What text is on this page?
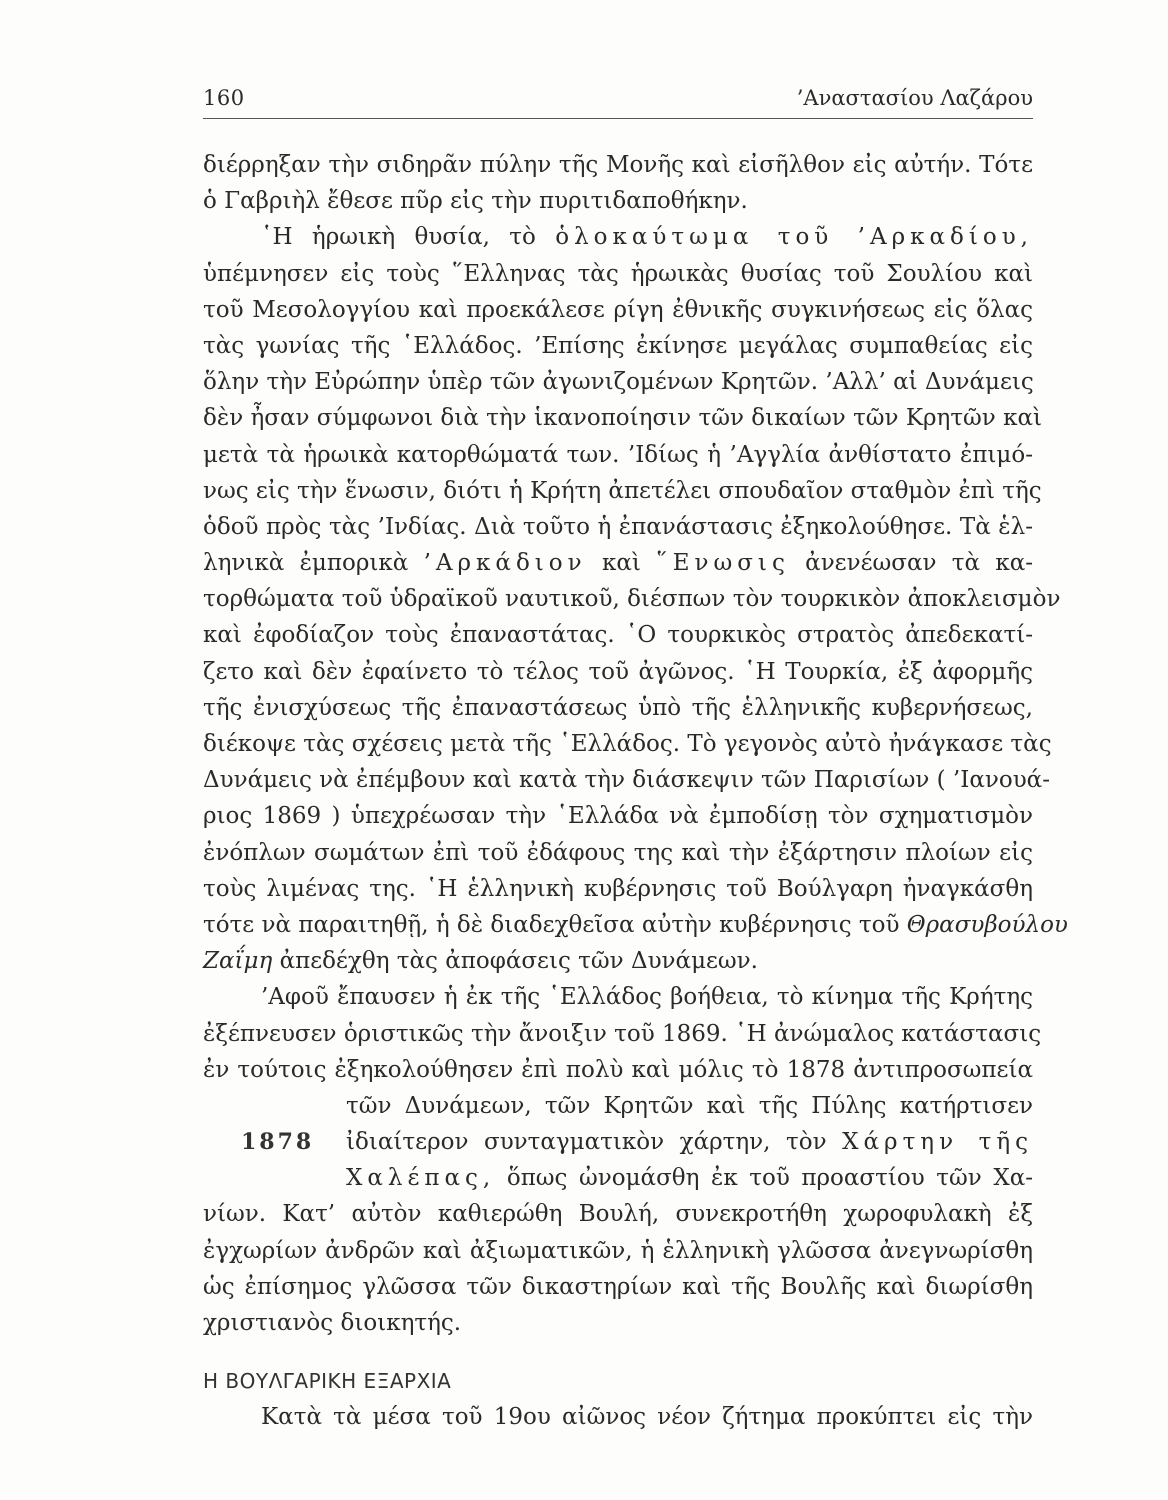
160	’Αναστασίου Λαζάρου
διέρρηξαν τὴν σιδηρᾶν πύλην τῆς Μονῆς καὶ εἰσῆλθον εἰς αὐτήν. Τότε
ὁ Γαβριὴλ ἔθεσε πῦρ εἰς τὴν πυριτιδαποθήκην.
῾Η ἡρωικὴ θυσία, τὸ ὁλοκαύτωμα τοῦ ’Αρκαδίου,
ὑπέμνησεν εἰς τοὺς ῞Ελληνας τὰς ἡρωικὰς θυσίας τοῦ Σουλίου καὶ
τοῦ Μεσολογγίου καὶ προεκάλεσε ρίγη ἐθνικῆς συγκινήσεως εἰς ὅλας
τὰς γωνίας τῆς ῾Ελλάδος. ’Επίσης ἐκίνησε μεγάλας συμπαθείας εἰς
ὅλην τὴν Εὐρώπην ὑπὲρ τῶν ἀγωνιζομένων Κρητῶν. ’Αλλ’ αἱ Δυνάμεις
δὲν ἦσαν σύμφωνοι διὰ τὴν ἱκανοποίησιν τῶν δικαίων τῶν Κρητῶν καὶ
μετὰ τὰ ἡρωικὰ κατορθώματά των. ’Ιδίως ἡ ’Αγγλία ἀνθίστατο ἐπιμό-
νως εἰς τὴν ἕνωσιν, διότι ἡ Κρήτη ἀπετέλει σπουδαῖον σταθμὸν ἐπὶ τῆς
ὁδοῦ πρὸς τὰς ’Ινδίας. Διὰ τοῦτο ἡ ἐπανάστασις ἐξηκολούθησε. Τὰ ἑλ-
ληνικὰ ἐμπορικὰ ’Αρκάδιον καὶ ῞Ενωσις ἀνενέωσαν τὰ κα-
τορθώματα τοῦ ὑδραϊκοῦ ναυτικοῦ, διέσπων τὸν τουρκικὸν ἀποκλεισμὸν
καὶ ἐφοδίαζον τοὺς ἐπαναστάτας. ῾Ο τουρκικὸς στρατὸς ἀπεδεκατί-
ζετο καὶ δὲν ἐφαίνετο τὸ τέλος τοῦ ἀγῶνος. ῾Η Τουρκία, ἐξ ἀφορμῆς
τῆς ἐνισχύσεως τῆς ἐπαναστάσεως ὑπὸ τῆς ἑλληνικῆς κυβερνήσεως,
διέκοψε τὰς σχέσεις μετὰ τῆς ῾Ελλάδος. Τὸ γεγονὸς αὐτὸ ἠνάγκασε τὰς
Δυνάμεις νὰ ἐπέμβουν καὶ κατὰ τὴν διάσκεψιν τῶν Παρισίων ( ’Ιανουά-
ριος 1869 ) ὑπεχρέωσαν τὴν ῾Ελλάδα νὰ ἐμποδίσῃ τὸν σχηματισμὸν
ἐνόπλων σωμάτων ἐπὶ τοῦ ἐδάφους της καὶ τὴν ἐξάρτησιν πλοίων εἰς
τοὺς λιμένας της. ῾Η ἑλληνικὴ κυβέρνησις τοῦ Βούλγαρη ἠναγκάσθη
τότε νὰ παραιτηθῇ, ἡ δὲ διαδεχθεῖσα αὐτὴν κυβέρνησις τοῦ Θρασυβούλου
Ζαΐμη ἀπεδέχθη τὰς ἀποφάσεις τῶν Δυνάμεων.
’Αφοῦ ἔπαυσεν ἡ ἐκ τῆς ῾Ελλάδος βοήθεια, τὸ κίνημα τῆς Κρήτης
ἐξέπνευσεν ὁριστικῶς τὴν ἄνοιξιν τοῦ 1869. ῾Η ἀνώμαλος κατάστασις
ἐν τούτοις ἐξηκολούθησεν ἐπὶ πολὺ καὶ μόλις τὸ 1878 ἀντιπροσωπεία
1878
τῶν Δυνάμεων, τῶν Κρητῶν καὶ τῆς Πύλης κατήρτισεν
ἰδιαίτερον συνταγματικὸν χάρτην, τὸν Χάρτην τῆς
Χαλέπας, ὅπως ὠνομάσθη ἐκ τοῦ προαστίου τῶν Χα-
νίων. Κατ’ αὐτὸν καθιερώθη Βουλή, συνεκροτήθη χωροφυλακὴ ἐξ
ἐγχωρίων ἀνδρῶν καὶ ἀξιωματικῶν, ἡ ἑλληνικὴ γλῶσσα ἀνεγνωρίσθη
ὡς ἐπίσημος γλῶσσα τῶν δικαστηρίων καὶ τῆς Βουλῆς καὶ διωρίσθη
χριστιανὸς διοικητής.
Η ΒΟΥΛΓΑΡΙΚΗ ΕΞΑΡΧΙΑ
Κατὰ τὰ μέσα τοῦ 19ου αἰῶνος νέον ζήτημα προκύπτει εἰς τὴν
